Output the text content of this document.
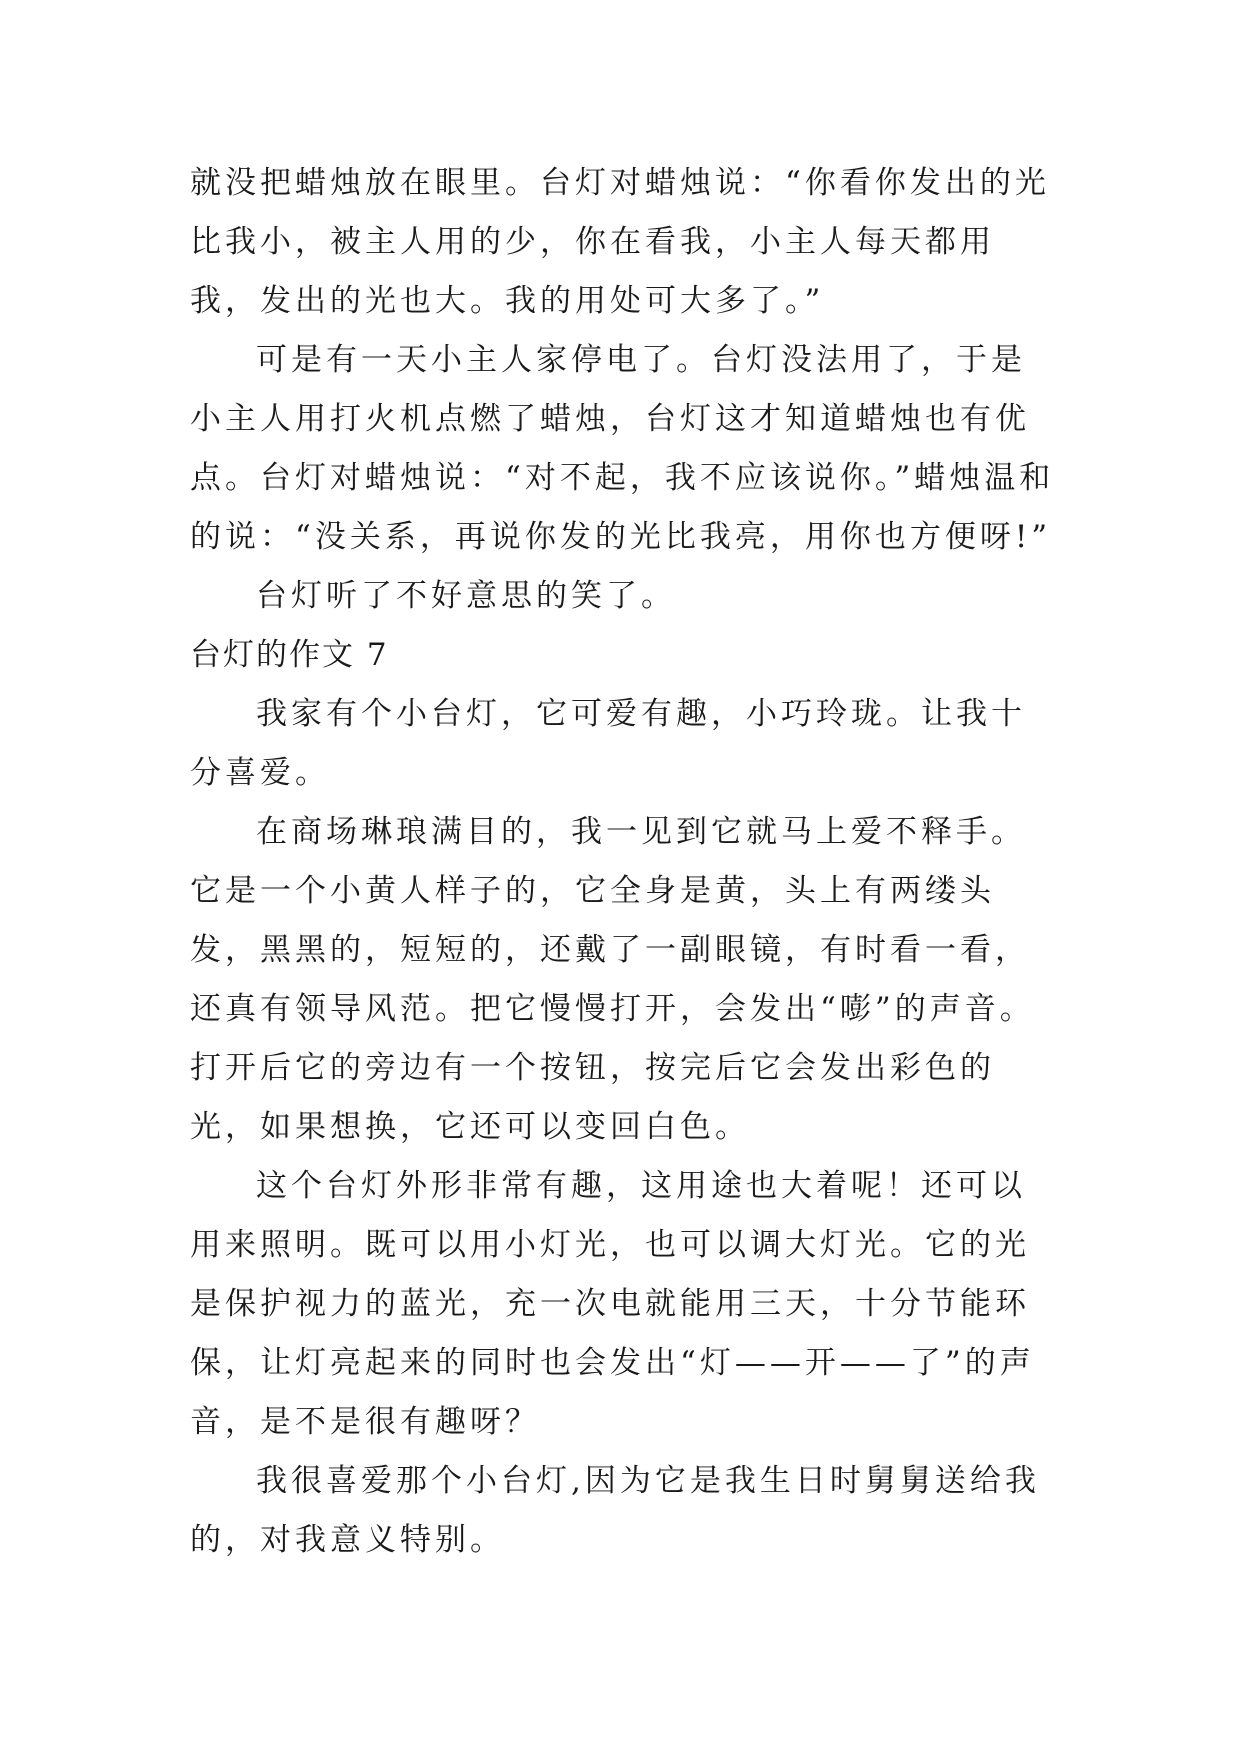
就没把蜡烛放在眼里。台灯对蜡烛说：“你看你发出的光比我小，被主人用的少，你在看我，小主人每天都用我，发出的光也大。我的用处可大多了。”

可是有一天小主人家停电了。台灯没法用了，于是小主人用打火机点燃了蜡烛，台灯这才知道蜡烛也有优点。台灯对蜡烛说：“对不起，我不应该说你。”蜡烛温和的说：“没关系，再说你发的光比我亮，用你也方便呀!”

台灯听了不好意思的笑了。

台灯的作文 7

我家有个小台灯，它可爱有趣，小巧玲珑。让我十分喜爱。

在商场琳琅满目的，我一见到它就马上爱不释手。它是一个小黄人样子的，它全身是黄，头上有两缕头发，黑黑的，短短的，还戴了一副眼镜，有时看一看，还真有领导风范。把它慢慢打开，会发出“嘭”的声音。打开后它的旁边有一个按钮，按完后它会发出彩色的光，如果想换，它还可以变回白色。

这个台灯外形非常有趣，这用途也大着呢！还可以用来照明。既可以用小灯光，也可以调大灯光。它的光是保护视力的蓝光，充一次电就能用三天，十分节能环保，让灯亮起来的同时也会发出“灯——开——了”的声音，是不是很有趣呀？

我很喜爱那个小台灯,因为它是我生日时舅舅送给我的，对我意义特别。
